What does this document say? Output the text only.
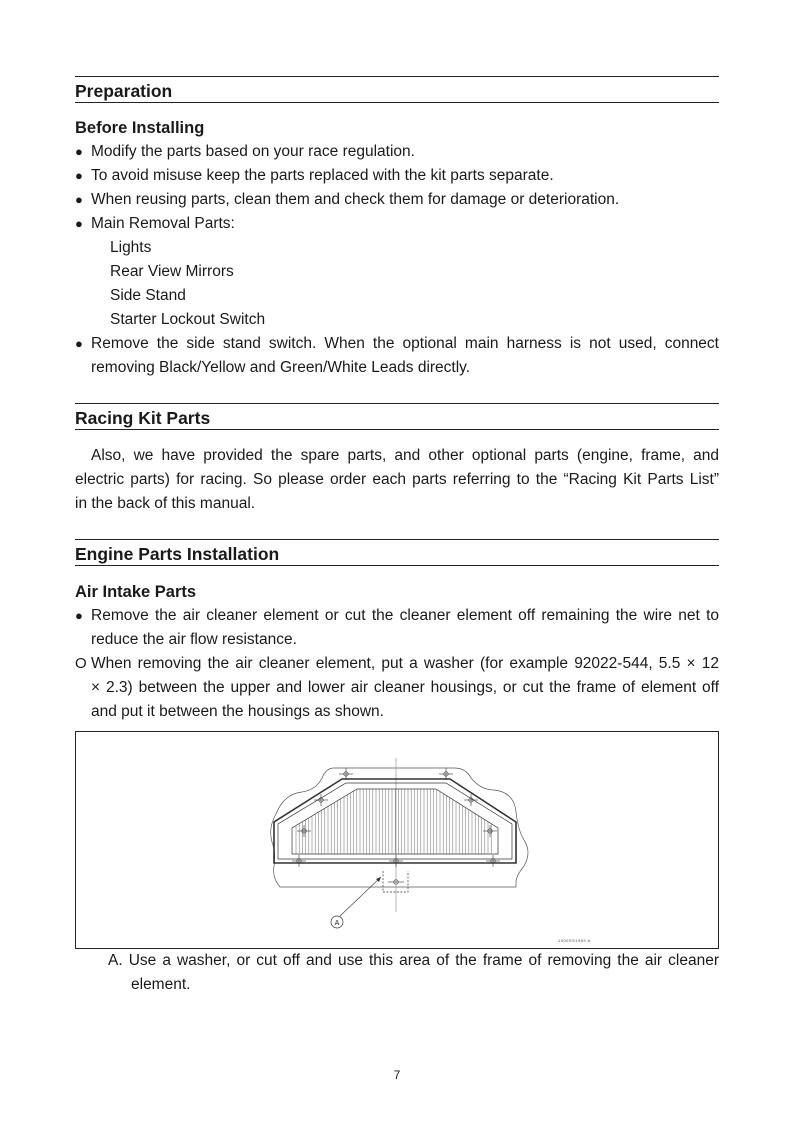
Preparation
Before Installing
● Modify the parts based on your race regulation.
● To avoid misuse keep the parts replaced with the kit parts separate.
● When reusing parts, clean them and check them for damage or deterioration.
● Main Removal Parts:
Lights
Rear View Mirrors
Side Stand
Starter Lockout Switch
● Remove the side stand switch. When the optional main harness is not used, connect
removing Black/Yellow and Green/White Leads directly.
Racing Kit Parts
Also, we have provided the spare parts, and other optional parts (engine, frame, and
electric parts) for racing. So please order each parts referring to the “Racing Kit Parts List”
in the back of this manual.
Engine Parts Installation
Air Intake Parts
● Remove the air cleaner element or cut the cleaner element off remaining the wire net to
reduce the air flow resistance.
O When removing the air cleaner element, put a washer (for example 92022-544, 5.5 × 12
× 2.3) between the upper and lower air cleaner housings, or cut the frame of element off
and put it between the housings as shown.
A
1000SS1983 A
A. Use a washer, or cut off and use this area of the frame of removing the air cleaner
element.
7
